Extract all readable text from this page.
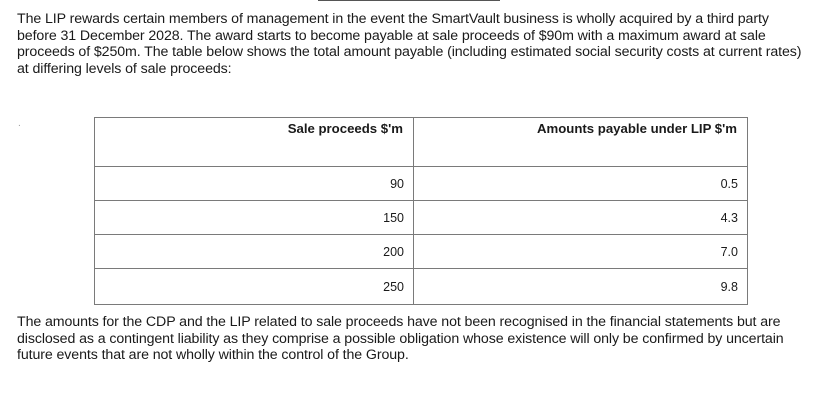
The LIP rewards certain members of management in the event the SmartVault business is wholly acquired by a third party before 31 December 2028. The award starts to become payable at sale proceeds of $90m with a maximum award at sale proceeds of $250m. The table below shows the total amount payable (including estimated social security costs at current rates) at differing levels of sale proceeds:

.	Sale proceeds $'m	Amounts payable under LIP $'m
90	0.5
150	4.3
200	7.0
250	9.8

The amounts for the CDP and the LIP related to sale proceeds have not been recognised in the financial statements but are disclosed as a contingent liability as they comprise a possible obligation whose existence will only be confirmed by uncertain future events that are not wholly within the control of the Group.
